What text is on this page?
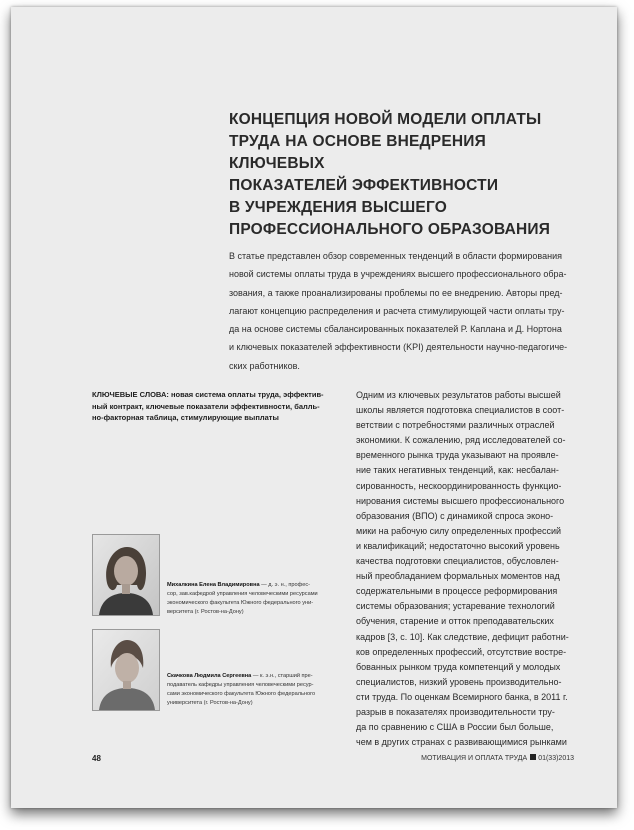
КОНЦЕПЦИЯ НОВОЙ МОДЕЛИ ОПЛАТЫ
ТРУДА НА ОСНОВЕ ВНЕДРЕНИЯ КЛЮЧЕВЫХ
ПОКАЗАТЕЛЕЙ ЭФФЕКТИВНОСТИ
В УЧРЕЖДЕНИЯ ВЫСШЕГО
ПРОФЕССИОНАЛЬНОГО ОБРАЗОВАНИЯ
В статье представлен обзор современных тенденций в области формирования
новой системы оплаты труда в учреждениях высшего профессионального обра-
зования, а также проанализированы проблемы по ее внедрению. Авторы пред-
лагают концепцию распределения и расчета стимулирующей части оплаты тру-
да на основе системы сбалансированных показателей Р. Каплана и Д. Нортона
и ключевых показателей эффективности (KPI) деятельности научно-педагогиче-
ских работников.
КЛЮЧЕВЫЕ СЛОВА: новая система оплаты труда, эффектив-
ный контракт, ключевые показатели эффективности, балль-
но-факторная таблица, стимулирующие выплаты
Одним из ключевых результатов работы высшей
школы является подготовка специалистов в соот-
ветствии с потребностями различных отраслей
экономики. К сожалению, ряд исследователей со-
временного рынка труда указывают на проявле-
ние таких негативных тенденций, как: несбалан-
сированность, нескоординированность функцио-
нирования системы высшего профессионального
образования (ВПО) с динамикой спроса эконо-
мики на рабочую силу определенных профессий
и квалификаций; недостаточно высокий уровень
качества подготовки специалистов, обусловлен-
ный преобладанием формальных моментов над
содержательными в процессе реформирования
системы образования; устаревание технологий
обучения, старение и отток преподавательских
кадров [3, с. 10]. Как следствие, дефицит работни-
ков определенных профессий, отсутствие востре-
бованных рынком труда компетенций у молодых
специалистов, низкий уровень производительно-
сти труда. По оценкам Всемирного банка, в 2011 г.
разрыв в показателях производительности тру-
да по сравнению с США в России был больше,
чем в других странах с развивающимися рынками
Михалкина Елена Владимировна — д. э. н., профес-
сор, зав.кафедрой управления человеческими ресурсами
экономического факультета Южного федерального уни-
верситета (г. Ростов-на-Дону)
Скачкова Людмила Сергеевна — к. э.н., старший пре-
подаватель кафедры управления человеческими ресур-
сами экономического факультета Южного федерального
университета (г. Ростов-на-Дону)
48	МОТИВАЦИЯ И ОПЛАТА ТРУДА 01(33)2013
